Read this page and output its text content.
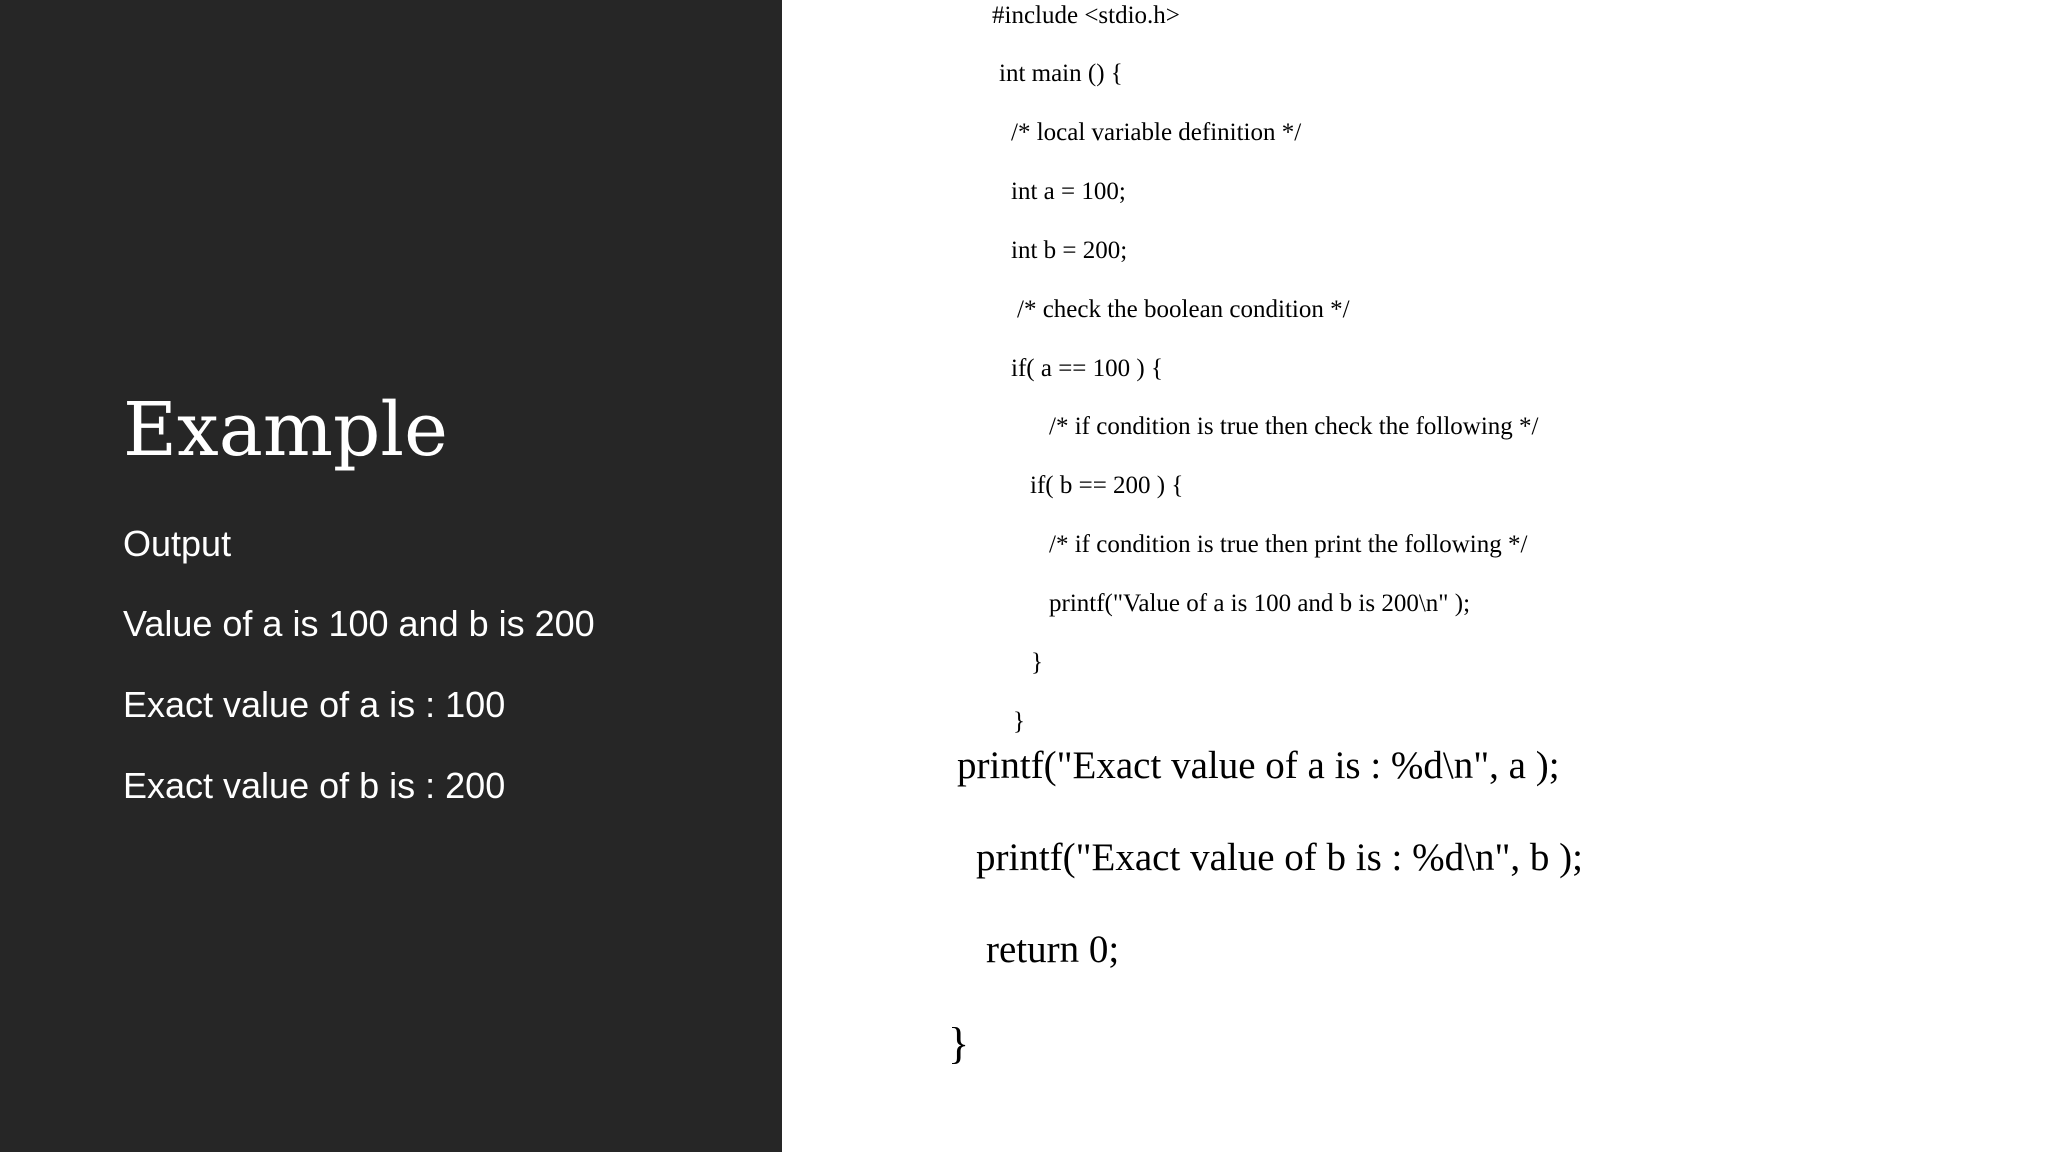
Example

Output

Value of a is 100 and b is 200

Exact value of a is : 100

Exact value of b is : 200

#include <stdio.h>

int main () {

/* local variable definition */

int a = 100;

int b = 200;

/* check the boolean condition */

if( a == 100 ) {

/* if condition is true then check the following */

if( b == 200 ) {

/* if condition is true then print the following */

printf("Value of a is 100 and b is 200\n" );

}

}

printf("Exact value of a is : %d\n", a );

printf("Exact value of b is : %d\n", b );

return 0;

}
